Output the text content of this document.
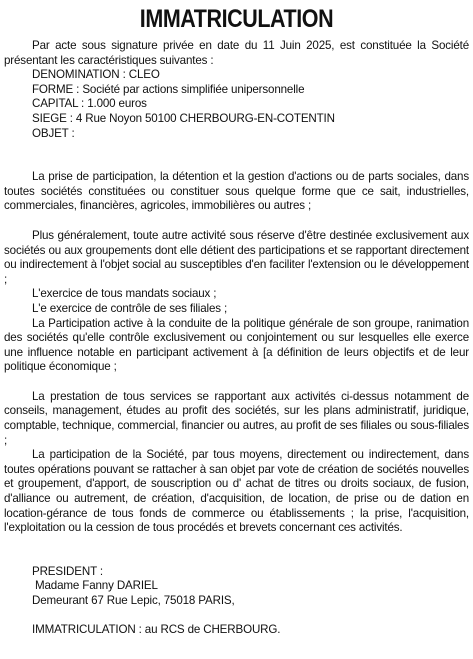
IMMATRICULATION

Par acte sous signature privée en date du 11 Juin 2025, est constituée la Société présentant les caractéristiques suivantes :

DENOMINATION : CLEO

FORME : Société par actions simplifiée unipersonnelle

CAPITAL : 1.000 euros

SIEGE : 4 Rue Noyon 50100 CHERBOURG-EN-COTENTIN

OBJET :

La prise de participation, la détention et la gestion d'actions ou de parts sociales, dans toutes sociétés constituées ou constituer sous quelque forme que ce sait, industrielles, commerciales, financières, agricoles, immobilières ou autres ;

Plus généralement, toute autre activité sous réserve d'être destinée exclusivement aux sociétés ou aux groupements dont elle détient des participations et se rapportant directement ou indirectement à l'objet social au susceptibles d'en faciliter l'extension ou le développement ;

L'exercice de tous mandats sociaux ;

L'e exercice de contrôle de ses filiales ;

La Participation active à la conduite de la politique générale de son groupe, ranimation des sociétés qu'elle contrôle exclusivement ou conjointement ou sur lesquelles elle exerce une influence notable en participant activement à [a définition de leurs objectifs et de leur politique économique ;

La prestation de tous services se rapportant aux activités ci-dessus notamment de conseils, management, études au profit des sociétés, sur les plans administratif, juridique, comptable, technique, commercial, financier ou autres, au profit de ses filiales ou sous-filiales ;

La participation de la Société, par tous moyens, directement ou indirectement, dans toutes opérations pouvant se rattacher à san objet par vote de création de sociétés nouvelles et groupement, d'apport, de souscription ou d' achat de titres ou droits sociaux, de fusion, d'alliance ou autrement, de création, d'acquisition, de location, de prise ou de dation en location-gérance de tous fonds de commerce ou établissements ; la prise, l'acquisition, l'exploitation ou la cession de tous procédés et brevets concernant ces activités.

PRESIDENT :

Madame Fanny DARIEL

Demeurant 67 Rue Lepic, 75018 PARIS,

IMMATRICULATION : au RCS de CHERBOURG.
